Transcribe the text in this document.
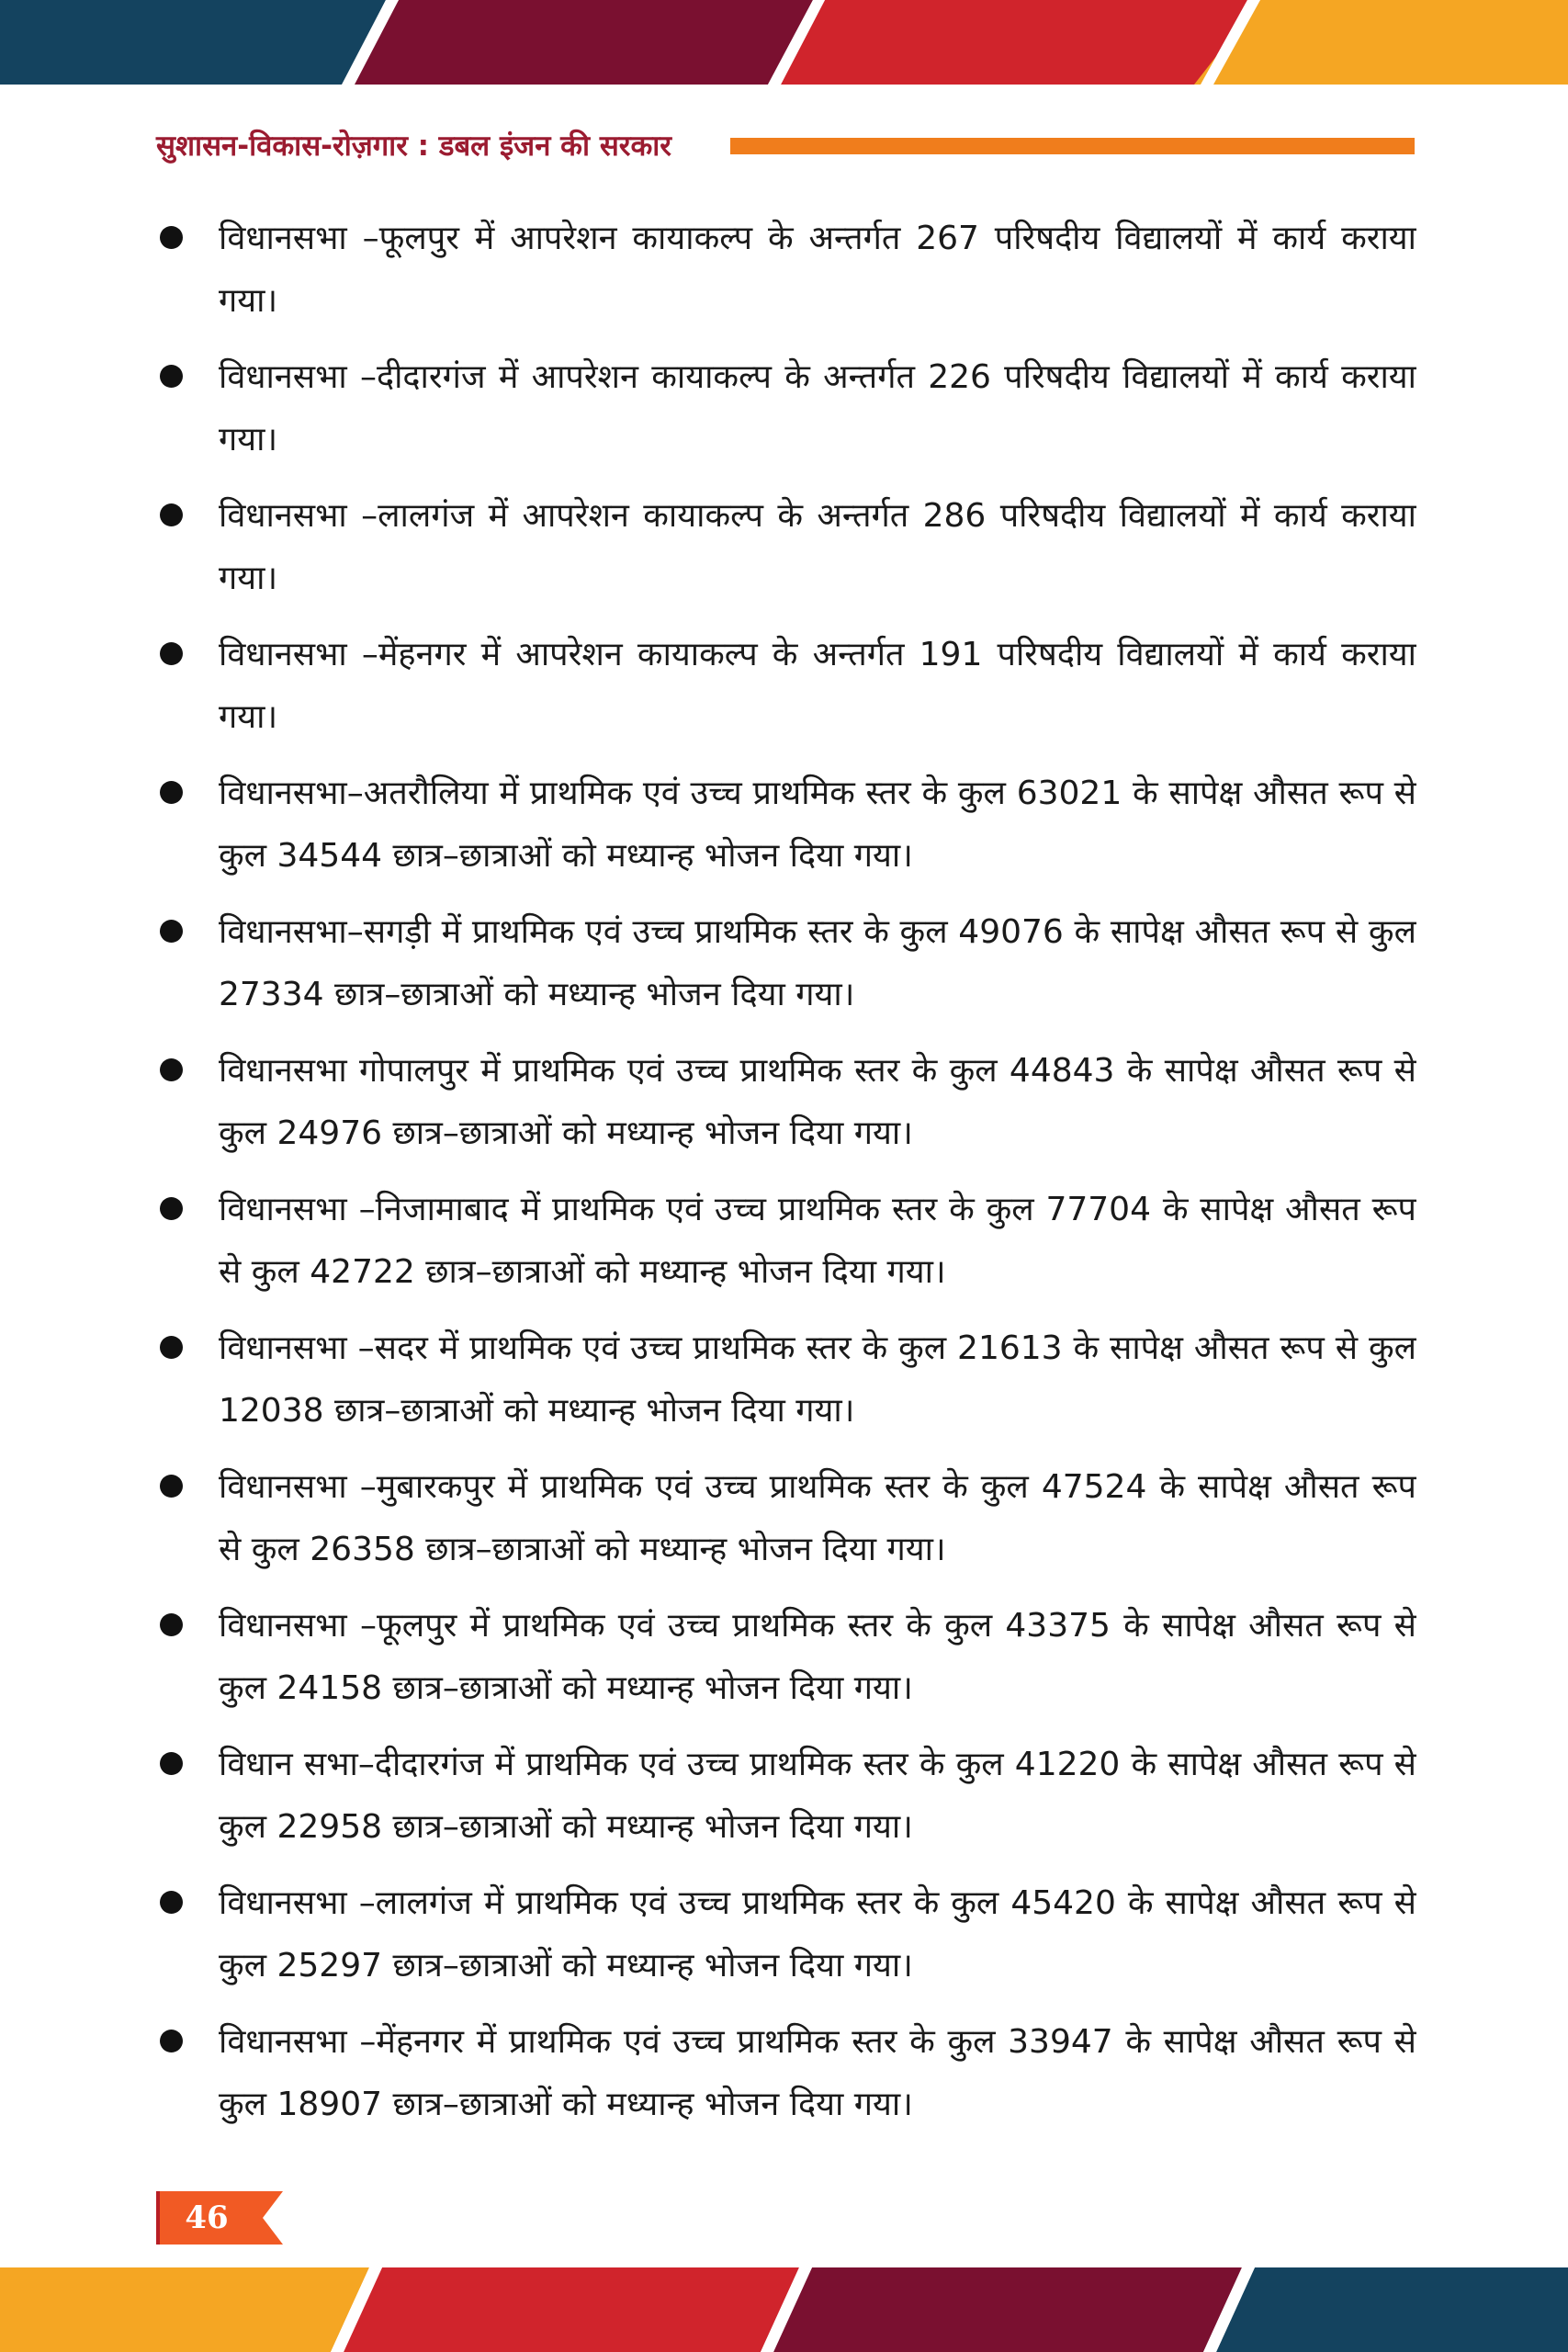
सुशासन-विकास-रोज़गार : डबल इंजन की सरकार
विधानसभा –फूलपुर में आपरेशन कायाकल्प के अन्तर्गत 267 परिषदीय विद्यालयों में कार्य कराया गया।
विधानसभा –दीदारगंज में आपरेशन कायाकल्प के अन्तर्गत 226 परिषदीय विद्यालयों में कार्य कराया गया।
विधानसभा –लालगंज में आपरेशन कायाकल्प के अन्तर्गत 286 परिषदीय विद्यालयों में कार्य कराया गया।
विधानसभा –मेंहनगर में आपरेशन कायाकल्प के अन्तर्गत 191 परिषदीय विद्यालयों में कार्य कराया गया।
विधानसभा–अतरौलिया में प्राथमिक एवं उच्च प्राथमिक स्तर के कुल 63021 के सापेक्ष औसत रूप से कुल 34544 छात्र–छात्राओं को मध्यान्ह भोजन दिया गया।
विधानसभा–सगड़ी में प्राथमिक एवं उच्च प्राथमिक स्तर के कुल 49076 के सापेक्ष औसत रूप से कुल 27334 छात्र–छात्राओं को मध्यान्ह भोजन दिया गया।
विधानसभा गोपालपुर में प्राथमिक एवं उच्च प्राथमिक स्तर के कुल 44843 के सापेक्ष औसत रूप से कुल 24976 छात्र–छात्राओं को मध्यान्ह भोजन दिया गया।
विधानसभा –निजामाबाद में प्राथमिक एवं उच्च प्राथमिक स्तर के कुल 77704 के सापेक्ष औसत रूप से कुल 42722 छात्र–छात्राओं को मध्यान्ह भोजन दिया गया।
विधानसभा –सदर में प्राथमिक एवं उच्च प्राथमिक स्तर के कुल 21613 के सापेक्ष औसत रूप से कुल 12038 छात्र–छात्राओं को मध्यान्ह भोजन दिया गया।
विधानसभा –मुबारकपुर में प्राथमिक एवं उच्च प्राथमिक स्तर के कुल 47524 के सापेक्ष औसत रूप से कुल 26358 छात्र–छात्राओं को मध्यान्ह भोजन दिया गया।
विधानसभा –फूलपुर में प्राथमिक एवं उच्च प्राथमिक स्तर के कुल 43375 के सापेक्ष औसत रूप से कुल 24158 छात्र–छात्राओं को मध्यान्ह भोजन दिया गया।
विधान सभा–दीदारगंज में प्राथमिक एवं उच्च प्राथमिक स्तर के कुल 41220 के सापेक्ष औसत रूप से कुल 22958 छात्र–छात्राओं को मध्यान्ह भोजन दिया गया।
विधानसभा –लालगंज में प्राथमिक एवं उच्च प्राथमिक स्तर के कुल 45420 के सापेक्ष औसत रूप से कुल 25297 छात्र–छात्राओं को मध्यान्ह भोजन दिया गया।
विधानसभा –मेंहनगर में प्राथमिक एवं उच्च प्राथमिक स्तर के कुल 33947 के सापेक्ष औसत रूप से कुल 18907 छात्र–छात्राओं को मध्यान्ह भोजन दिया गया।
46
